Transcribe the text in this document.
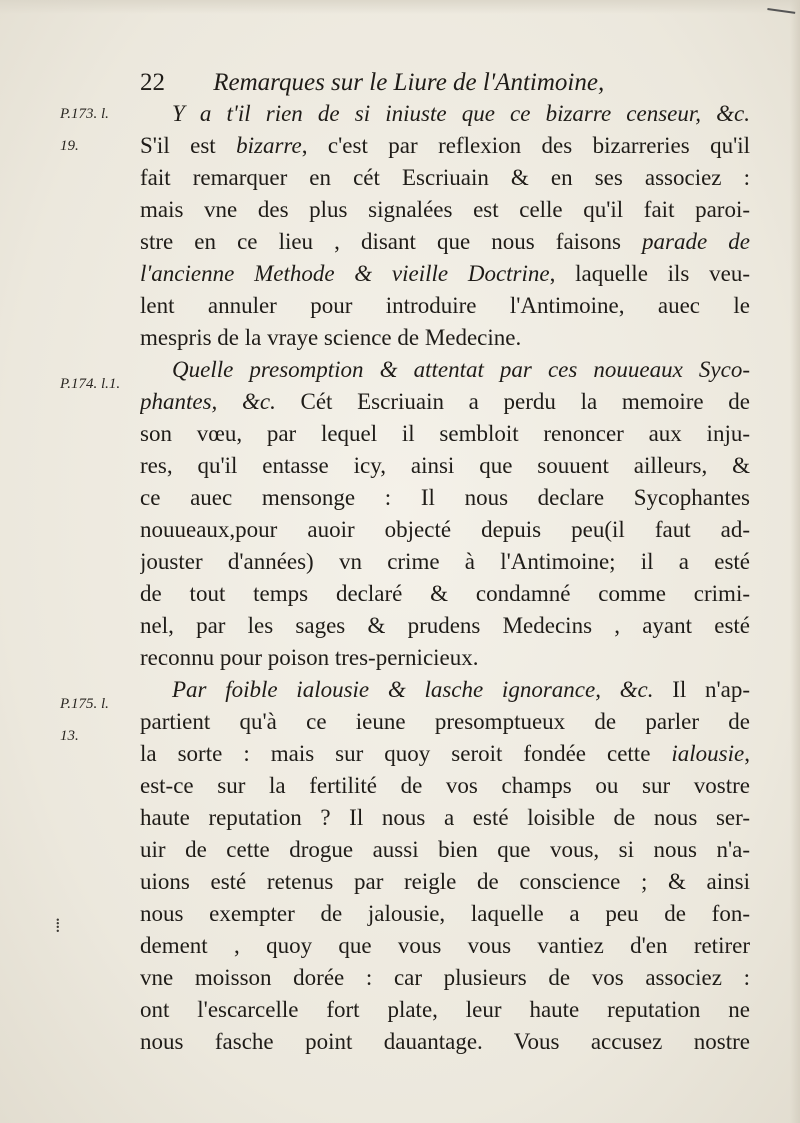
22 Remarques sur le Liure de l'Antimoine,
P.173. l.
19.
P.174. l.1.
P.175. l.
13.
Y a t'il rien de si iniuste que ce bizarre censeur, &c.
S'il est bizarre, c'est par reflexion des bizarreries qu'il
fait remarquer en cét Escriuain & en ses associez :
mais vne des plus signalées est celle qu'il fait paroi-
stre en ce lieu , disant que nous faisons parade de
l'ancienne Methode & vieille Doctrine, laquelle ils veu-
lent annuler pour introduire l'Antimoine, auec le
mespris de la vraye science de Medecine.
Quelle presomption & attentat par ces nouueaux Syco-
phantes, &c. Cét Escriuain a perdu la memoire de
son vœu, par lequel il sembloit renoncer aux inju-
res, qu'il entasse icy, ainsi que souuent ailleurs, &
ce auec mensonge : Il nous declare Sycophantes
nouueaux,pour auoir objecté depuis peu(il faut ad-
jouster d'années) vn crime à l'Antimoine; il a esté
de tout temps declaré & condamné comme crimi-
nel, par les sages & prudens Medecins , ayant esté
reconnu pour poison tres-pernicieux.
Par foible ialousie & lasche ignorance, &c. Il n'ap-
partient qu'à ce ieune presomptueux de parler de
la sorte : mais sur quoy seroit fondée cette ialousie,
est-ce sur la fertilité de vos champs ou sur vostre
haute reputation ? Il nous a esté loisible de nous ser-
uir de cette drogue aussi bien que vous, si nous n'a-
uions esté retenus par reigle de conscience ; & ainsi
nous exempter de jalousie, laquelle a peu de fon-
dement , quoy que vous vous vantiez d'en retirer
vne moisson dorée : car plusieurs de vos associez :
ont l'escarcelle fort plate, leur haute reputation ne
nous fasche point dauantage. Vous accusez nostre
⁞
